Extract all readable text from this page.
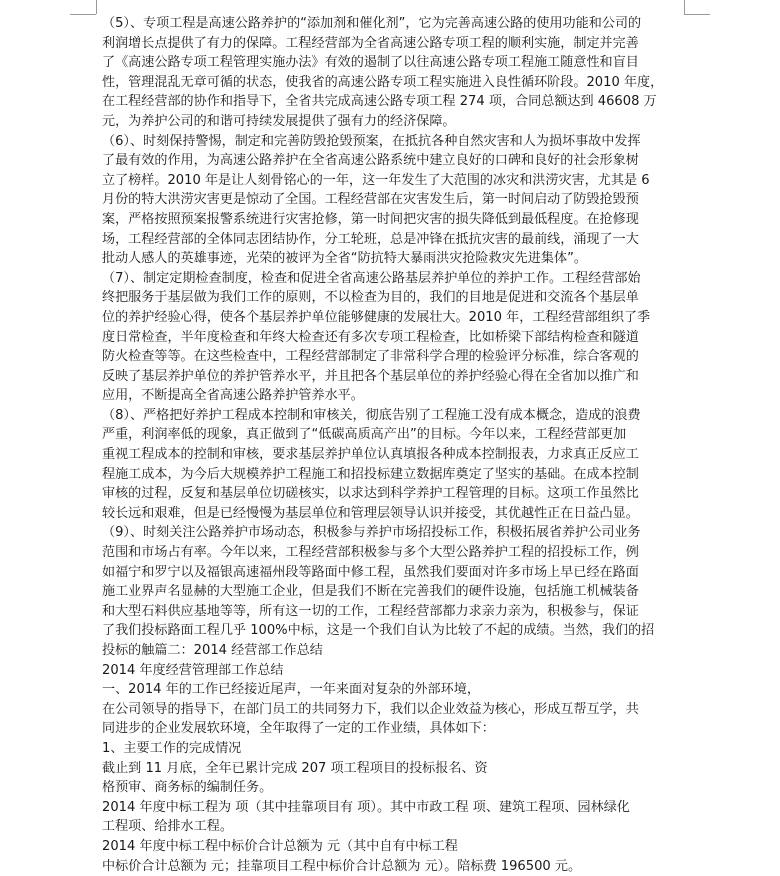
（5）、专项工程是高速公路养护的“添加剂和催化剂”，它为完善高速公路的使用功能和公司的
利润增长点提供了有力的保障。工程经营部为全省高速公路专项工程的顺利实施，制定并完善
了《高速公路专项工程管理实施办法》有效的遏制了以往高速公路专项工程施工随意性和盲目
性，管理混乱无章可循的状态，使我省的高速公路专项工程实施进入良性循环阶段。2010 年度，
在工程经营部的协作和指导下，全省共完成高速公路专项工程 274 项，合同总额达到 46608 万
元，为养护公司的和谐可持续发展提供了强有力的经济保障。
（6）、时刻保持警惕，制定和完善防毁抢毁预案，在抵抗各种自然灾害和人为损坏事故中发挥
了最有效的作用，为高速公路养护在全省高速公路系统中建立良好的口碑和良好的社会形象树
立了榜样。2010 年是让人刻骨铭心的一年，这一年发生了大范围的冰灾和洪涝灾害，尤其是 6
月份的特大洪涝灾害更是惊动了全国。工程经营部在灾害发生后，第一时间启动了防毁抢毁预
案，严格按照预案报警系统进行灾害抢修，第一时间把灾害的损失降低到最低程度。在抢修现
场，工程经营部的全体同志团结协作，分工轮班，总是冲锋在抵抗灾害的最前线，涌现了一大
批动人感人的英雄事迹，光荣的被评为全省“防抗特大暴雨洪灾抢险救灾先进集体”。
（7）、制定定期检查制度，检查和促进全省高速公路基层养护单位的养护工作。工程经营部始
终把服务于基层做为我们工作的原则，不以检查为目的，我们的目地是促进和交流各个基层单
位的养护经验心得，使各个基层养护单位能够健康的发展壮大。2010 年，工程经营部组织了季
度日常检查，半年度检查和年终大检查还有多次专项工程检查，比如桥梁下部结构检查和隧道
防火检查等等。在这些检查中，工程经营部制定了非常科学合理的检验评分标准，综合客观的
反映了基层养护单位的养护管养水平，并且把各个基层单位的养护经验心得在全省加以推广和
应用，不断提高全省高速公路养护管养水平。
（8）、严格把好养护工程成本控制和审核关，彻底告别了工程施工没有成本概念，造成的浪费
严重，利润率低的现象，真正做到了“低碳高质高产出”的目标。今年以来，工程经营部更加
重视工程成本的控制和审核，要求基层养护单位认真填报各种成本控制报表，力求真正反应工
程施工成本，为今后大规模养护工程施工和招投标建立数据库奠定了坚实的基础。在成本控制
审核的过程，反复和基层单位切磋核实，以求达到科学养护工程管理的目标。这项工作虽然比
较长远和艰难，但是已经慢慢为基层单位和管理层领导认识并接受，其优越性正在日益凸显。
（9）、时刻关注公路养护市场动态，积极参与养护市场招投标工作，积极拓展省养护公司业务
范围和市场占有率。今年以来，工程经营部积极参与多个大型公路养护工程的招投标工作，例
如福宁和罗宁以及福银高速福州段等路面中修工程，虽然我们要面对许多市场上早已经在路面
施工业界声名显赫的大型施工企业，但是我们不断在完善我们的硬件设施，包括施工机械装备
和大型石料供应基地等等，所有这一切的工作，工程经营部都力求亲力亲为，积极参与，保证
了我们投标路面工程几乎 100%中标，这是一个我们自认为比较了不起的成绩。当然，我们的招
投标的触篇二：2014 经营部工作总结
2014 年度经营管理部工作总结
一、2014 年的工作已经接近尾声，一年来面对复杂的外部环境，
在公司领导的指导下，在部门员工的共同努力下，我们以企业效益为核心，形成互帮互学，共
同进步的企业发展软环境，全年取得了一定的工作业绩，具体如下：
1、主要工作的完成情况
截止到 11 月底，全年已累计完成 207 项工程项目的投标报名、资
格预审、商务标的编制任务。
2014 年度中标工程为 项（其中挂靠项目有 项）。其中市政工程 项、建筑工程项、园林绿化
工程项、给排水工程。
2014 年度中标工程中标价合计总额为 元（其中自有中标工程
中标价合计总额为 元；挂靠项目工程中标价合计总额为 元）。陪标费 196500 元。
